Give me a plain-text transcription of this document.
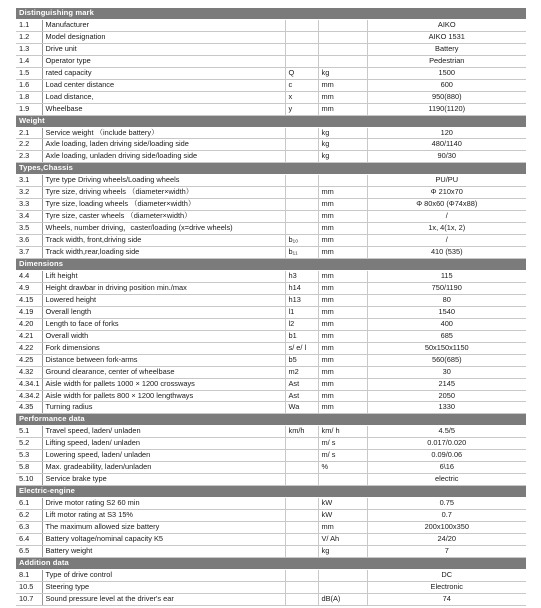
Distinguishing mark				
1.1	Manufacturer			AIKO
1.2	Model designation			AIKO 1531
1.3	Drive unit			Battery
1.4	Operator type			Pedestrian
1.5	rated capacity	Q	kg	1500
1.6	Load center distance	c	mm	600
1.8	Load distance,	x	mm	950(880)
1.9	Wheelbase	y	mm	1190(1120)
Weight				
2.1	Service weight （include battery）		kg	120
2.2	Axle loading, laden driving side/loading side		kg	480/1140
2.3	Axle loading, unladen driving side/loading side		kg	90/30
Types,Chassis				
3.1	Tyre type Driving wheels/Loading wheels			PU/PU
3.2	Tyre size, driving wheels （diameter×width）		mm	Φ 210x70
3.3	Tyre size, loading wheels （diameter×width）		mm	Φ 80x60 (Φ74x88)
3.4	Tyre size, caster wheels （diameter×width）		mm	/
3.5	Wheels, number driving，caster/loading (x=drive wheels)		mm	1x, 4(1x, 2)
3.6	Track width, front,driving side	b₁₀	mm	/
3.7	Track width,rear,loading side	b₁₁	mm	410 (535)
Dimensions				
4.4	Lift height	h3	mm	115
4.9	Height drawbar in driving position min./max	h14	mm	750/1190
4.15	Lowered height	h13	mm	80
4.19	Overall length	l1	mm	1540
4.20	Length to face of forks	l2	mm	400
4.21	Overall width	b1	mm	685
4.22	Fork dimensions	s/ e/ l	mm	50x150x1150
4.25	Distance between fork-arms	b5	mm	560(685)
4.32	Ground clearance, center of wheelbase	m2	mm	30
4.34.1	Aisle width for pallets 1000 × 1200 crossways	Ast	mm	2145
4.34.2	Aisle width for pallets 800 × 1200 lengthways	Ast	mm	2050
4.35	Turning radius	Wa	mm	1330
Performance data				
5.1	Travel speed, laden/ unladen	km/h	km/ h	4.5/5
5.2	Lifting speed, laden/ unladen		m/ s	0.017/0.020
5.3	Lowering speed, laden/ unladen		m/ s	0.09/0.06
5.8	Max. gradeability, laden/unladen		%	6\16
5.10	Service brake type			electric
Electric-engine				
6.1	Drive motor rating S2 60 min		kW	0.75
6.2	Lift motor rating at S3 15%		kW	0.7
6.3	The maximum allowed size battery		mm	200x100x350
6.4	Battery voltage/nominal capacity K5		V/ Ah	24/20
6.5	Battery weight		kg	7
Addition data				
8.1	Type of drive control			DC
10.5	Steering type			Electronic
10.7	Sound pressure level at the driver's ear		dB(A)	74
